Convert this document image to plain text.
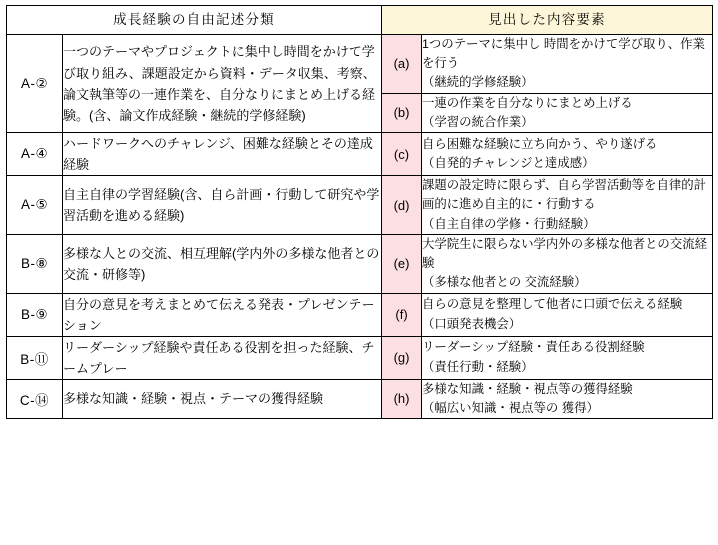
成長経験の自由記述分類		見出した内容要素	
A-②	一つのテーマやプロジェクトに集中し時間をかけて学び取り組み、課題設定から資料・データ収集、考察、論文執筆等の一連作業を、自分なりにまとめ上げる経験。(含、論文作成経験・継続的学修経験)	(a)	1つのテーマに集中し 時間をかけて学び取り、作業を行う
（継続的学修経験）

		(b)	一連の作業を自分なりにまとめ上げる
（学習の統合作業）

A-④	ハードワークへのチャレンジ、困難な経験とその達成経験	(c)	自ら困難な経験に立ち向かう、やり遂げる
（自発的チャレンジと達成感）

A-⑤	自主自律の学習経験(含、自ら計画・行動して研究や学習活動を進める経験)	(d)	課題の設定時に限らず、自ら学習活動等を自律的計画的に進め自主的に・行動する
（自主自律の学修・行動経験）

B-⑧	多様な人との交流、相互理解(学内外の多様な他者との交流・研修等)	(e)	大学院生に限らない学内外の多様な他者との交流経験
（多様な他者との 交流経験）

B-⑨	自分の意見を考えまとめて伝える発表・プレゼンテーション	(f)	自らの意見を整理して他者に口頭で伝える経験
（口頭発表機会）

B-⑪	リーダーシップ経験や責任ある役割を担った経験、チームプレー	(g)	リーダーシップ経験・責任ある役割経験
（責任行動・経験）

C-⑭	多様な知識・経験・視点・テーマの獲得経験	(h)	多様な知識・経験・視点等の獲得経験
（幅広い知識・視点等の 獲得）
